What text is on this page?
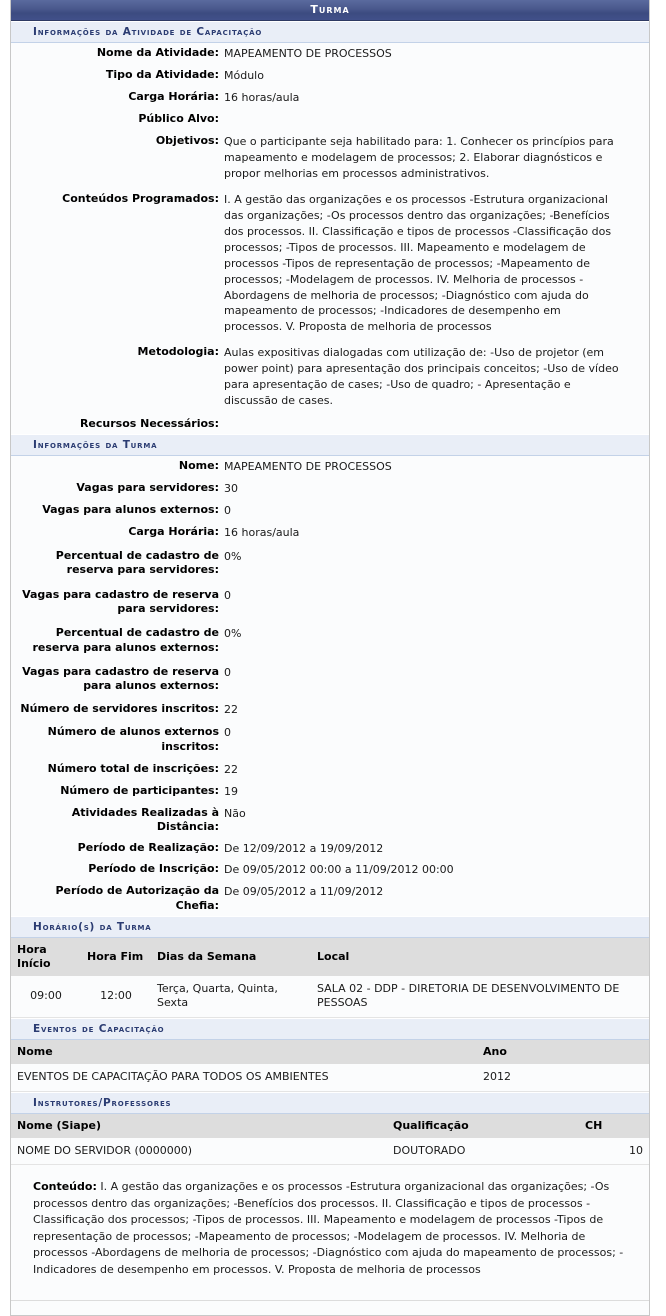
Turma
Informações da Atividade de Capacitação
Nome da Atividade:	MAPEAMENTO DE PROCESSOS
Tipo da Atividade:	Módulo
Carga Horária:	16 horas/aula
Público Alvo:	
Objetivos:	Que o participante seja habilitado para: 1. Conhecer os princípios para mapeamento e modelagem de processos; 2. Elaborar diagnósticos e propor melhorias em processos administrativos.
Conteúdos Programados:	I. A gestão das organizações e os processos -Estrutura organizacional das organizações; -Os processos dentro das organizações; -Benefícios dos processos. II. Classificação e tipos de processos -Classificação dos processos; -Tipos de processos. III. Mapeamento e modelagem de processos -Tipos de representação de processos; -Mapeamento de processos; -Modelagem de processos. IV. Melhoria de processos -Abordagens de melhoria de processos; -Diagnóstico com ajuda do mapeamento de processos; -Indicadores de desempenho em processos. V. Proposta de melhoria de processos
Metodologia:	Aulas expositivas dialogadas com utilização de: -Uso de projetor (em power point) para apresentação dos principais conceitos; -Uso de vídeo para apresentação de cases; -Uso de quadro; - Apresentação e discussão de cases.
Recursos Necessários:	
Informações da Turma
Nome:	MAPEAMENTO DE PROCESSOS
Vagas para servidores:	30
Vagas para alunos externos:	0
Carga Horária:	16 horas/aula
Percentual de cadastro de reserva para servidores:	0%
Vagas para cadastro de reserva para servidores:	0
Percentual de cadastro de reserva para alunos externos:	0%
Vagas para cadastro de reserva para alunos externos:	0
Número de servidores inscritos:	22
Número de alunos externos inscritos:	0
Número total de inscrições:	22
Número de participantes:	19
Atividades Realizadas à Distância:	Não
Período de Realização:	De 12/09/2012 a 19/09/2012
Período de Inscrição:	De 09/05/2012 00:00 a 11/09/2012 00:00
Período de Autorização da Chefia:	De 09/05/2012 a 11/09/2012
Horário(s) da Turma
Hora Início	Hora Fim	Dias da Semana	Local
09:00	12:00	Terça, Quarta, Quinta, Sexta	SALA 02 - DDP - DIRETORIA DE DESENVOLVIMENTO DE PESSOAS
Eventos de Capacitação
Nome	Ano
EVENTOS DE CAPACITAÇÃO PARA TODOS OS AMBIENTES	2012
Instrutores/Professores
Nome (Siape)	Qualificação	CH
NOME DO SERVIDOR (0000000)	DOUTORADO	10
Conteúdo: I. A gestão das organizações e os processos -Estrutura organizacional das organizações; -Os processos dentro das organizações; -Benefícios dos processos. II. Classificação e tipos de processos -Classificação dos processos; -Tipos de processos. III. Mapeamento e modelagem de processos -Tipos de representação de processos; -Mapeamento de processos; -Modelagem de processos. IV. Melhoria de processos -Abordagens de melhoria de processos; -Diagnóstico com ajuda do mapeamento de processos; -Indicadores de desempenho em processos. V. Proposta de melhoria de processos
